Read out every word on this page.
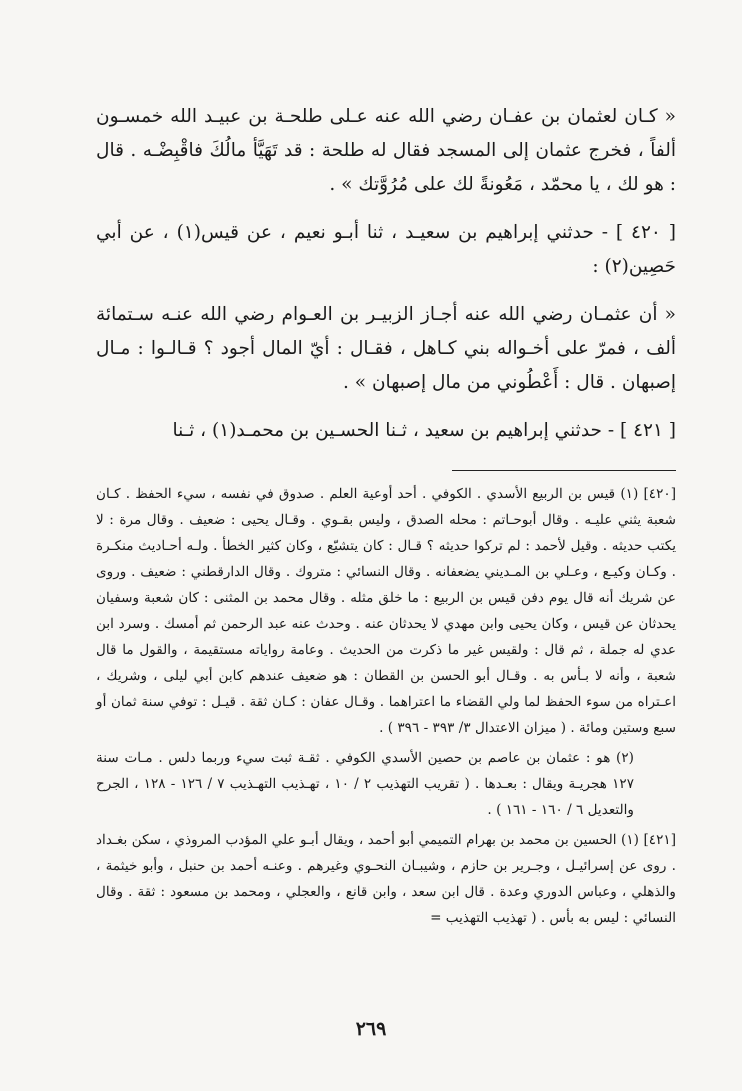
« كـان لعثمان بن عفـان رضي الله عنه عـلى طلحـة بن عبيـد الله خمسـون ألفاً ، فخرج عثمان إلى المسجد فقال له طلحة : قد تَهَيَّأ مالُكَ فاقْبِضْـه . قال : هو لك ، يا محمّد ، مَعُونةً لك على مُرُوَّتك » .

[ ٤٢٠ ] - حدثني إبراهيم بن سعيـد ، ثنا أبـو نعيم ، عن قيس(١) ، عن أبي حَصِين(٢) :

« أن عثمـان رضي الله عنه أجـاز الزبيـر بن العـوام رضي الله عنـه سـتمائة ألف ، فمرّ على أخـواله بني كـاهل ، فقـال : أيّ المال أجود ؟ قـالـوا : مـال إصبهان . قال : أَعْطُوني من مال إصبهان » .

[ ٤٢١ ] - حدثني إبراهيم بن سعيد ، ثـنا الحسـين بن محمـد(١) ، ثـنا

[٤٢٠] (١) قيس بن الربيع الأسدي . الكوفي . أحد أوعية العلم . صدوق في نفسه ، سيء الحفظ . كـان شعبة يثني عليـه . وقال أبوحـاتم : محله الصدق ، وليس بقـوي . وقـال يحيى : ضعيف . وقال مرة : لا يكتب حديثه . وقيل لأحمد : لم تركوا حديثه ؟ قـال : كان يتشيّع ، وكان كثير الخطأ . ولـه أحـاديث منكـرة . وكـان وكيـع ، وعـلي بن المـديني يضعفانه . وقال النسائي : متروك . وقال الدارقطني : ضعيف . وروى عن شريك أنه قال يوم دفن قيس بن الربيع : ما خلق مثله . وقال محمد بن المثنى : كان شعبة وسفيان يحدثان عن قيس ، وكان يحيى وابن مهدي لا يحدثان عنه . وحدث عنه عبد الرحمن ثم أمسك . وسرد ابن عدي له جملة ، ثم قال : ولقيس غير ما ذكرت من الحديث . وعامة رواياته مستقيمة ، والقول ما قال شعبة ، وأنه لا بـأس به . وقـال أبو الحسن بن القطان : هو ضعيف عندهم كابن أبي ليلى ، وشريك ، اعـتراه من سوء الحفظ لما ولي القضاء ما اعتراهما . وقـال عفان : كـان ثقة . قيـل : توفي سنة ثمان أو سبع وستين ومائة . ( ميزان الاعتدال ٣/ ٣٩٣ - ٣٩٦ ) .

(٢) هو : عثمان بن عاصم بن حصين الأسدي الكوفي . ثقـة ثبت سيء وربما دلس . مـات سنة ١٢٧ هجريـة ويقال : بعـدها . ( تقريب التهذيب ٢ / ١٠ ، تهـذيب التهـذيب ٧ / ١٢٦ - ١٢٨ ، الجرح والتعديل ٦ / ١٦٠ - ١٦١ ) .

[٤٢١] (١) الحسين بن محمد بن بهرام التميمي أبو أحمد ، ويقال أبـو علي المؤدب المروذي ، سكن بغـداد . روى عن إسرائيـل ، وجـرير بن حازم ، وشيبـان النحـوي وغيرهم . وعنـه أحمد بن حنبل ، وأبو خيثمة ، والذهلي ، وعباس الدوري وعدة . قال ابن سعد ، وابن قانع ، والعجلي ، ومحمد بن مسعود : ثقة . وقال النسائي : ليس به بأس . ( تهذيب التهذيب =

٢٦٩
